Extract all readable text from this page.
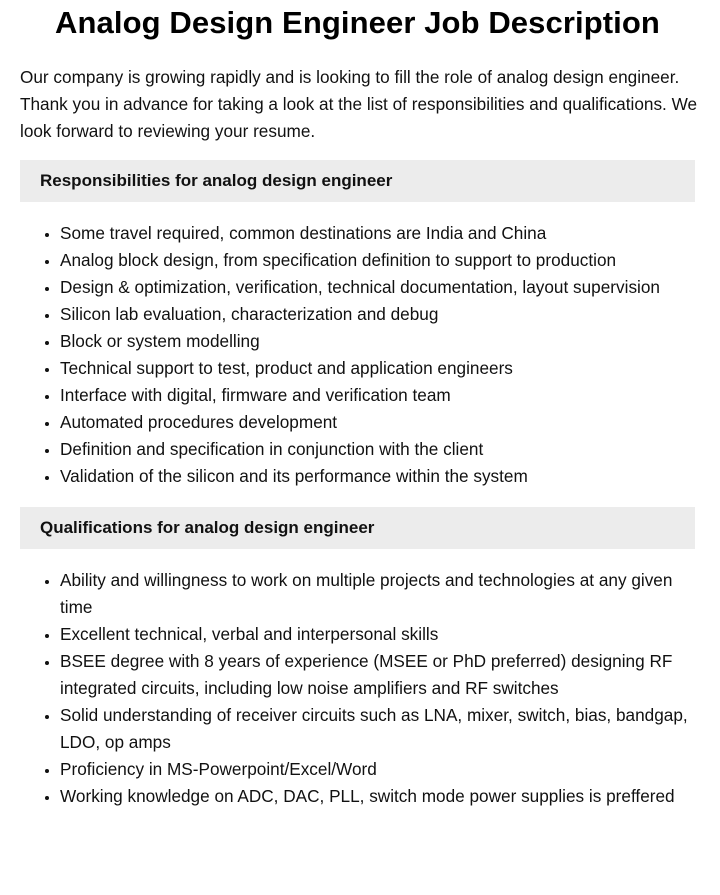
Analog Design Engineer Job Description

Our company is growing rapidly and is looking to fill the role of analog design engineer. Thank you in advance for taking a look at the list of responsibilities and qualifications. We look forward to reviewing your resume.

Responsibilities for analog design engineer
• Some travel required, common destinations are India and China
• Analog block design, from specification definition to support to production
• Design & optimization, verification, technical documentation, layout supervision
• Silicon lab evaluation, characterization and debug
• Block or system modelling
• Technical support to test, product and application engineers
• Interface with digital, firmware and verification team
• Automated procedures development
• Definition and specification in conjunction with the client
• Validation of the silicon and its performance within the system
Qualifications for analog design engineer
• Ability and willingness to work on multiple projects and technologies at any given time
• Excellent technical, verbal and interpersonal skills
• BSEE degree with 8 years of experience (MSEE or PhD preferred) designing RF integrated circuits, including low noise amplifiers and RF switches
• Solid understanding of receiver circuits such as LNA, mixer, switch, bias, bandgap, LDO, op amps
• Proficiency in MS-Powerpoint/Excel/Word
• Working knowledge on ADC, DAC, PLL, switch mode power supplies is preffered
